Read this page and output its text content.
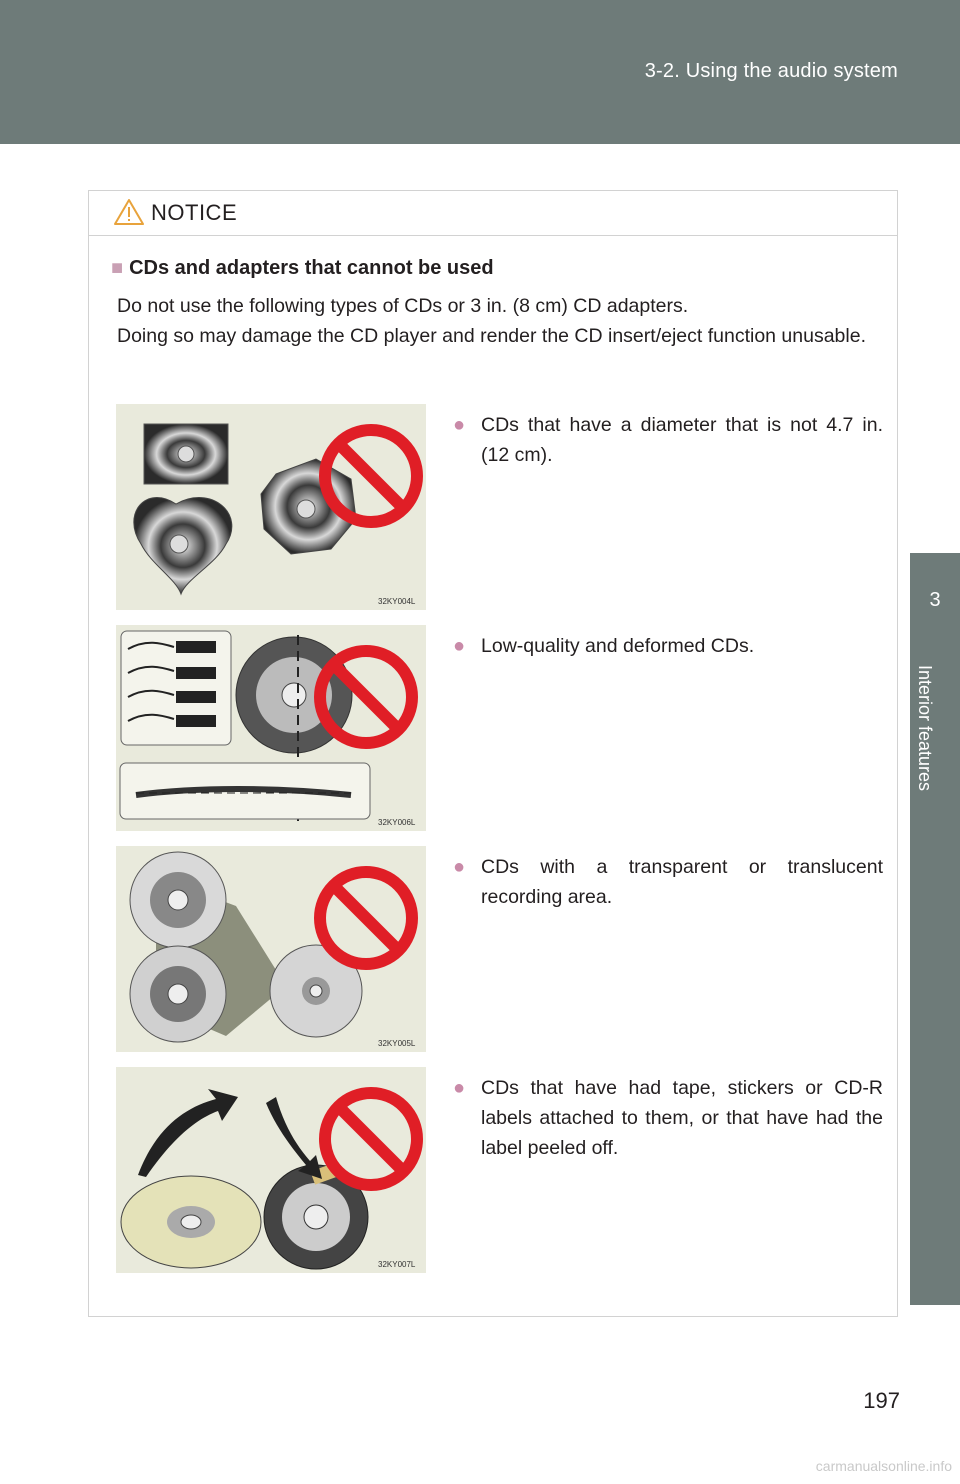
3-2. Using the audio system
3
Interior features
NOTICE
■ CDs and adapters that cannot be used

Do not use the following types of CDs or 3 in. (8 cm) CD adapters.

Doing so may damage the CD player and render the CD insert/eject function unusable.

32KY004L
● CDs that have a diameter that is not 4.7 in. (12 cm).
32KY006L
● Low-quality and deformed CDs.
32KY005L
● CDs with a transparent or translucent recording area.
32KY007L
● CDs that have had tape, stickers or CD-R labels attached to them, or that have had the label peeled off.
197
carmanualsonline.info
